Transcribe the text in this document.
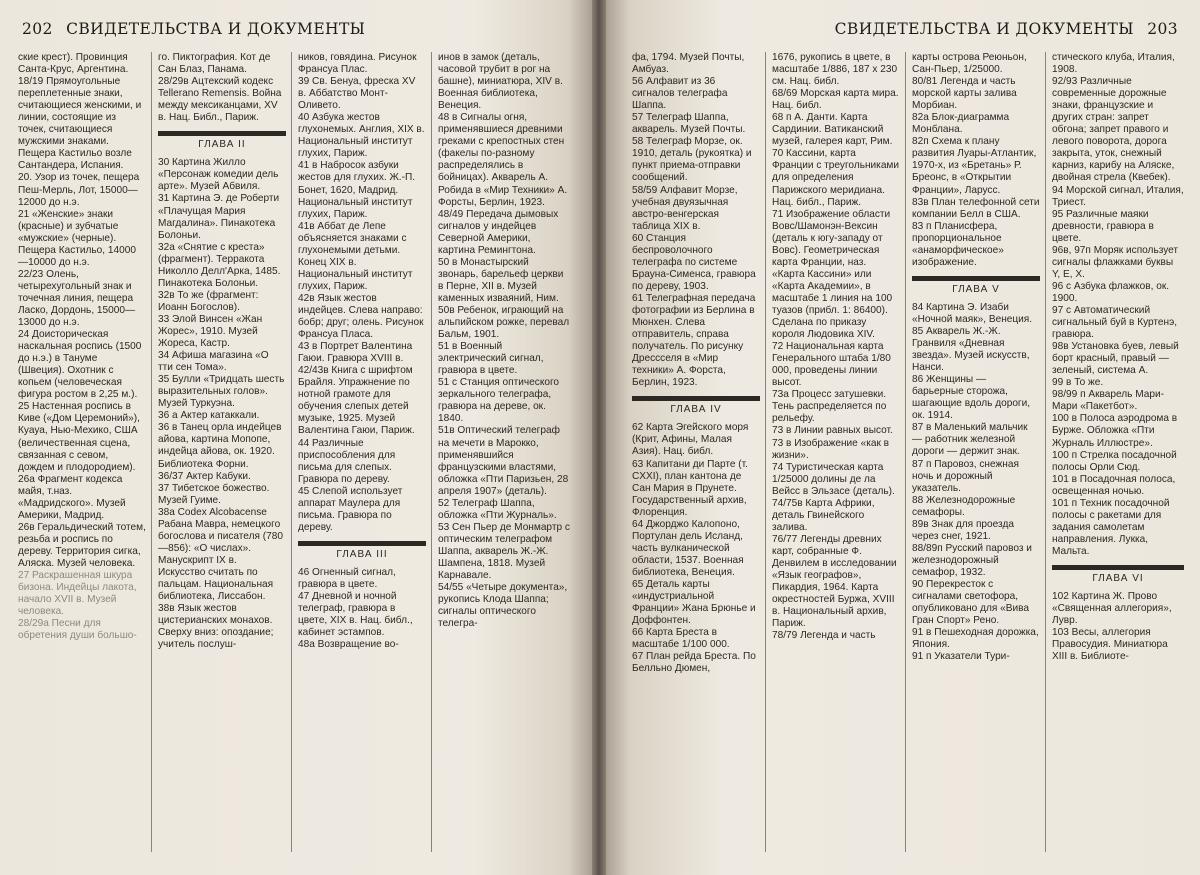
202 СВИДЕТЕЛЬСТВА И ДОКУМЕНТЫ

ские крест). Провинция Санта-Крус, Аргентина.

18/19 Прямоугольные переплетенные знаки, считающиеся женскими, и линии, состоящие из точек, считающиеся мужскими знаками. Пещера Кастильо возле Сантандера, Испания.

20. Узор из точек, пещера Пеш-Мерль, Лот, 15000—12000 до н.э.

21 «Женские» знаки (красные) и зубчатые «мужские» (черные). Пещера Кастильо, 14000—10000 до н.э.

22/23 Олень, четырехугольный знак и точечная линия, пещера Ласко, Дордонь, 15000—13000 до н.э.

24 Доисторическая наскальная роспись (1500 до н.э.) в Тануме (Швеция). Охотник с копьем (человеческая фигура ростом в 2,25 м.).

25 Настенная роспись в Киве («Дом Церемоний»), Куауа, Нью-Мехико, США (величественная сцена, связанная с севом, дождем и плодородием).

26а Фрагмент кодекса майя, т.наз. «Мадридского». Музей Америки, Мадрид.

26в Геральдический тотем, резьба и роспись по дереву. Территория сигка, Аляска. Музей человека.

27 Раскрашенная шкура бизона. Индейцы лакота, начало XVII в. Музей человека.

28/29а Песни для обретения души большо-

го. Пиктография. Кот де Сан Блаз, Панама.

28/29в Ацтекский кодекс Tellerano Remensis. Война между мексиканцами, XV в. Нац. Библ., Париж.

ГЛАВА II

30 Картина Жилло «Персонаж комедии дель арте». Музей Абвиля.

31 Картина Э. де Роберти «Плачущая Мария Магдалина». Пинакотека Болоньи.

32а «Снятие с креста» (фрагмент). Терракота Николло Делл'Арка, 1485. Пинакотека Болоньи.

32в То же (фрагмент: Иоанн Богослов).

33 Элой Винсен «Жан Жорес», 1910. Музей Жореса, Кастр.

34 Афиша магазина «О тти сен Тома».

35 Булли «Тридцать шесть выразительных голов». Музей Туркуэна.

36 а Актер катаккали.

36 в Танец орла индейцев айова, картина Мопопе, индейца айова, ок. 1920. Библиотека Форни.

36/37 Актер Кабуки.

37 Тибетское божество. Музей Гуиме.

38а Codex Alcobacense Рабана Мавра, немецкого богослова и писателя (780—856): «О числах». Манускрипт IX в. Искусство считать по пальцам. Национальная библиотека, Лиссабон.

38в Язык жестов цистерианских монахов. Сверху вниз: опоздание; учитель послуш-

ников, говядина. Рисунок Франсуа Плаc.

39 Св. Бенуа, фреска XV в. Аббатство Монт-Оливето.

40 Азбука жестов глухонемых. Англия, XIX в. Национальный институт глухих, Париж.

41 в Набросок азбуки жестов для глухих. Ж.-П. Бонет, 1620, Мадрид. Национальный институт глухих, Париж.

41в Аббат де Лепе объясняется знаками с глухонемыми детьми. Конец XIX в. Национальный институт глухих, Париж.

42в Язык жестов индейцев. Слева направо: бобр; друг; олень. Рисунок Франсуа Пласа.

43 в Портрет Валентина Гаюи. Гравюра XVIII в.

42/43в Книга с шрифтом Брайля. Упражнение по нотной грамоте для обучения слепых детей музыке, 1925. Музей Валентина Гаюи, Париж.

44 Различные приспособления для письма для слепых. Гравюра по дереву.

45 Слепой использует аппарат Маулера для письма. Гравюра по дереву.

ГЛАВА III

46 Огненный сигнал, гравюра в цвете.

47 Дневной и ночной телеграф, гравюра в цвете, XIX в. Нац. библ., кабинет эстампов.

48а Возвращение во-

инов в замок (деталь, часовой трубит в рог на башне), миниатюра, XIV в. Военная библиотека, Венеция.

48 в Сигналы огня, применявшиеся древними греками с крепостных стен (факелы по-разному распределялись в бойницах). Акварель А. Робида в «Мир Техники» А. Форсты, Берлин, 1923.

48/49 Передача дымовых сигналов у индейцев Северной Америки, картина Ремингтона.

50 в Монастырский звонарь, барельеф церкви в Перне, XII в. Музей каменных изваяний, Ним.

50в Ребенок, играющий на альпийском рожке, перевал Бальм, 1901.

51 в Военный электрический сигнал, гравюра в цвете.

51 с Станция оптического зеркального телеграфа, гравюра на дереве, ок. 1840.

51в Оптический телеграф на мечети в Марокко, применявшийся французскими властями, обложка «Пти Паризьен, 28 апреля 1907» (деталь).

52 Телеграф Шаппа, обложка «Пти Журналь».

53 Сен Пьер де Монмартр с оптическим телеграфом Шаппа, акварель Ж.-Ж. Шампена, 1818. Музей Карнавале.

54/55 «Четыре документа», рукопись Клода Шаппа; сигналы оптического телегра-

СВИДЕТЕЛЬСТВА И ДОКУМЕНТЫ 203

фа, 1794. Музей Почты, Амбуаз.

56 Алфавит из 36 сигналов телеграфа Шаппа.

57 Телеграф Шаппа, акварель. Музей Почты.

58 Телеграф Морзе, ок. 1910, деталь (рукоятка) и пункт приема-отправки сообщений.

58/59 Алфавит Морзе, учебная двуязычная австро-венгерская таблица XIX в.

60 Станция беспроволочного телеграфа по системе Брауна-Сименса, гравюра по дереву, 1903.

61 Телеграфная передача фотографии из Берлина в Мюнхен. Слева отправитель, справа получатель. По рисунку Дрессселя в «Мир техники» А. Форста, Берлин, 1923.

ГЛАВА IV

62 Карта Эгейского моря (Крит, Афины, Малая Азия). Нац. библ.

63 Капитани ди Парте (т. CXXI), план кантона де Сан Мария в Прунете. Государственный архив, Флоренция.

64 Джорджо Калопоно, Портулан дель Исланд, часть вулканической области, 1537. Военная библиотека, Венеция.

65 Деталь карты «индустриальной Франции» Жана Брюнье и Доффонтен.

66 Карта Бреста в масштабе 1/100 000.

67 План рейда Бреста. По Белльно Дюмен,

1676, рукопись в цвете, в масштабе 1/886, 187 х 230 см. Нац. библ.

68/69 Морская карта мира. Нац. библ.

68 п А. Данти. Карта Сардинии. Ватиканский музей, галерея карт, Рим.

70 Кассини, карта Франции с треугольниками для определения Парижского меридиана. Нац. библ., Париж.

71 Изображение области Вовс/Шамонэн-Вексин (деталь к югу-западу от Вовс). Геометрическая карта Франции, наз. «Карта Кассини» или «Карта Академии», в масштабе 1 линия на 100 туазов (прибл. 1: 86400). Сделана по приказу короля Людовика XIV.

72 Национальная карта Генерального штаба 1/80 000, проведены линии высот.

73а Процесс затушевки. Тень распределяется по рельефу.

73 в Линии равных высот.

73 в Изображение «как в жизни».

74 Туристическая карта 1/25000 долины де ла Вейсс в Эльзасе (деталь).

74/75в Карта Африки, деталь Гвинейского залива.

76/77 Легенды древних карт, собранные Ф. Денвилем в исследовании «Язык географов», Пикардия, 1964. Карта окрестностей Буржа, XVIII в. Национальный архив, Париж.

78/79 Легенда и часть

карты острова Реюньон, Сан-Пьер, 1/25000.

80/81 Легенда и часть морской карты залива Морбиан.

82а Блок-диаграмма Монблана.

82п Схема к плану развития Луары-Атлантик, 1970-х, из «Бретань» Р. Бреонс, в «Открытии Франции», Ларусс.

83в План телефонной сети компании Белл в США.

83 п Планисфера, пропорциональное «анаморфическое» изображение.

ГЛАВА V

84 Картина Э. Изаби «Ночной маяк», Венеция.

85 Акварель Ж.-Ж. Гранвиля «Дневная звезда». Музей искусств, Нанси.

86 Женщины — барьерные сторожа, шагающие вдоль дороги, ок. 1914.

87 в Маленький мальчик — работник железной дороги — держит знак.

87 п Паровоз, снежная ночь и дорожный указатель.

88 Железнодорожные семафоры.

89в Знак для проезда через снег, 1921.

88/89п Русский паровоз и железнодорожный семафор, 1932.

90 Перекресток с сигналами светофора, опубликовано для «Вива Гран Спорт» Рено.

91 в Пешеходная дорожка, Япония.

91 п Указатели Тури-

стического клуба, Италия, 1908.

92/93 Различные современные дорожные знаки, французские и других стран: запрет обгона; запрет правого и левого поворота, дорога закрыта, уток, снежный карниз, карибу на Аляске, двойная стрела (Квебек).

94 Морской сигнал, Италия, Триест.

95 Различные маяки древности, гравюра в цвете.

96в, 97п Моряк использует сигналы флажками буквы Y, Е, Х.

96 с Азбука флажков, ок. 1900.

97 с Автоматический сигнальный буй в Куртенэ, гравюра.

98в Установка буев, левый борт красный, правый — зеленый, система А.

99 в То же.

98/99 п Акварель Мари-Мари «Пакетбот».

100 в Полоса аэродрома в Бурже. Обложка «Пти Журналь Иллюстре».

100 п Стрелка посадочной полосы Орли Сюд.

101 в Посадочная полоса, освещенная ночью.

101 п Техник посадочной полосы с ракетами для задания самолетам направления. Лукка, Мальта.

ГЛАВА VI

102 Картина Ж. Прово «Священная аллегория», Лувр.

103 Весы, аллегория Правосудия. Миниатюра XIII в. Библиоте-
